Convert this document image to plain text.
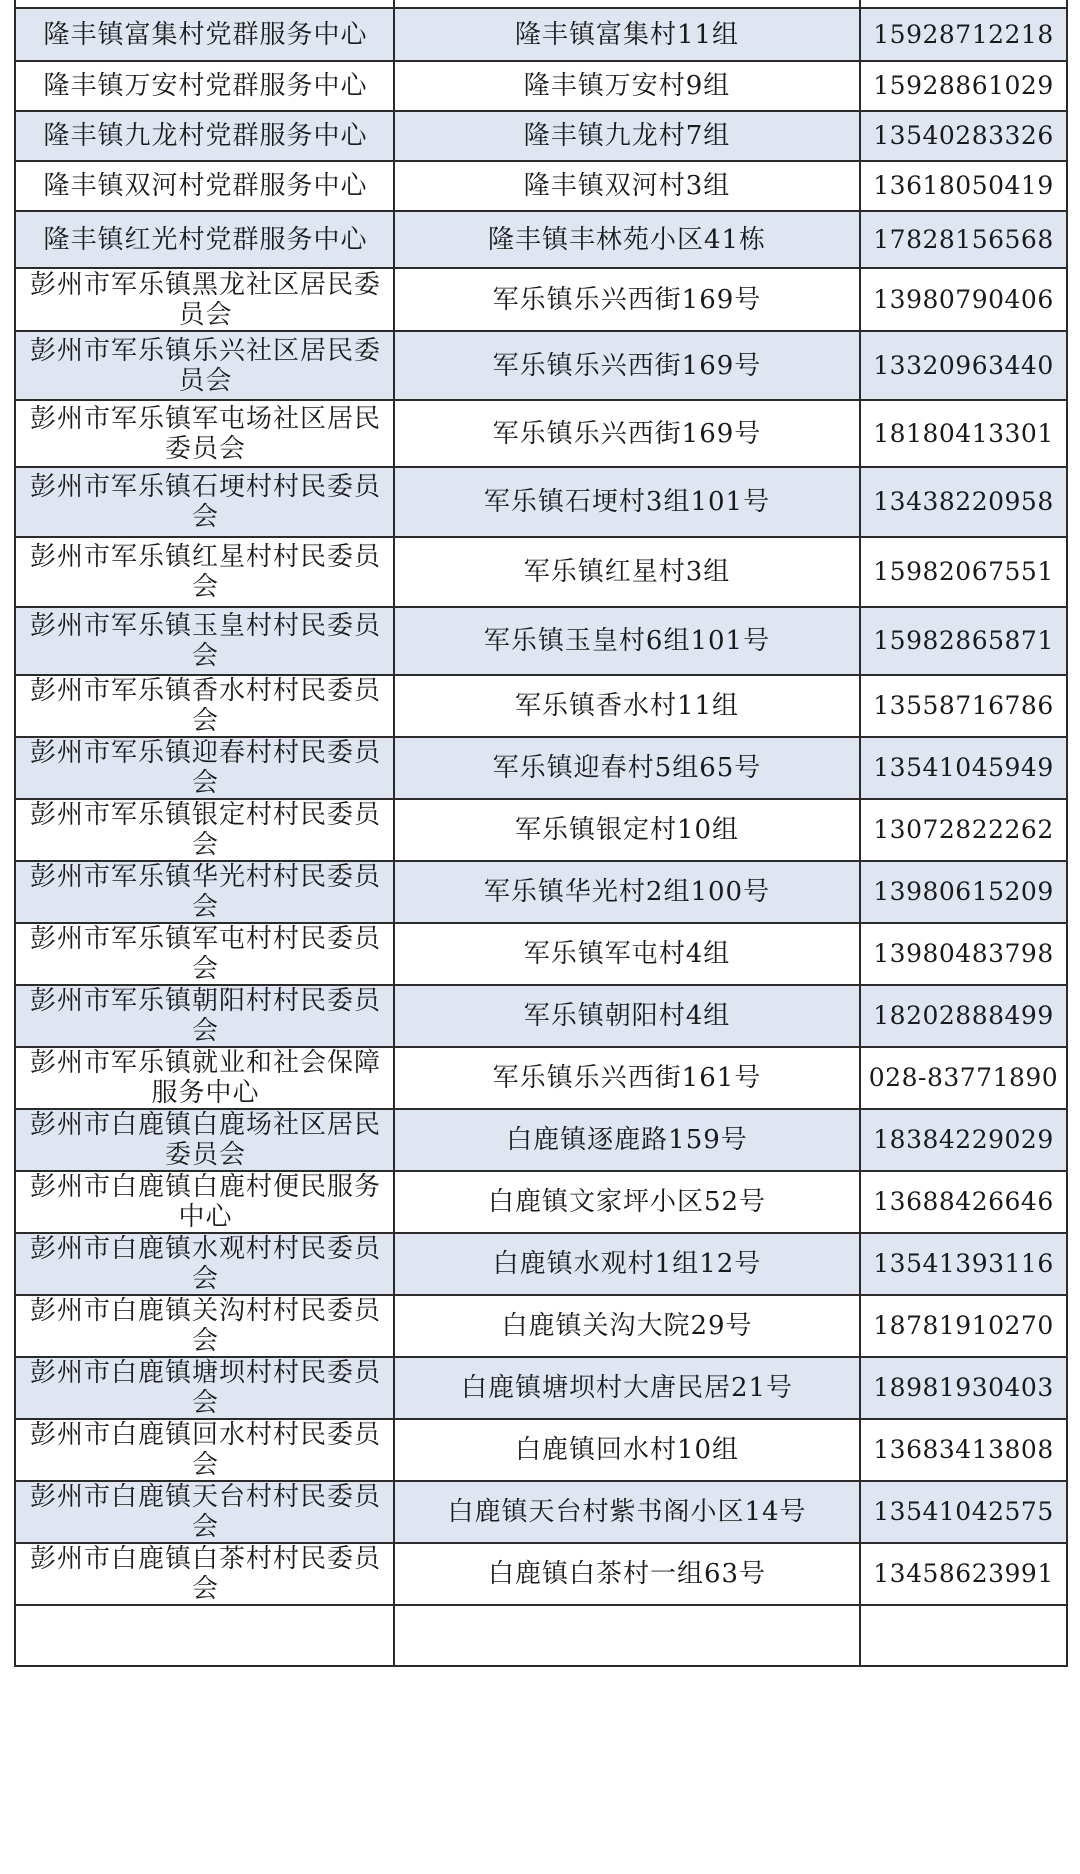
隆丰镇富集村党群服务中心	隆丰镇富集村11组	15928712218
隆丰镇万安村党群服务中心	隆丰镇万安村9组	15928861029
隆丰镇九龙村党群服务中心	隆丰镇九龙村7组	13540283326
隆丰镇双河村党群服务中心	隆丰镇双河村3组	13618050419
隆丰镇红光村党群服务中心	隆丰镇丰林苑小区41栋	17828156568
彭州市军乐镇黑龙社区居民委员会	军乐镇乐兴西街169号	13980790406
彭州市军乐镇乐兴社区居民委员会	军乐镇乐兴西街169号	13320963440
彭州市军乐镇军屯场社区居民委员会	军乐镇乐兴西街169号	18180413301
彭州市军乐镇石埂村村民委员会	军乐镇石埂村3组101号	13438220958
彭州市军乐镇红星村村民委员会	军乐镇红星村3组	15982067551
彭州市军乐镇玉皇村村民委员会	军乐镇玉皇村6组101号	15982865871
彭州市军乐镇香水村村民委员会	军乐镇香水村11组	13558716786
彭州市军乐镇迎春村村民委员会	军乐镇迎春村5组65号	13541045949
彭州市军乐镇银定村村民委员会	军乐镇银定村10组	13072822262
彭州市军乐镇华光村村民委员会	军乐镇华光村2组100号	13980615209
彭州市军乐镇军屯村村民委员会	军乐镇军屯村4组	13980483798
彭州市军乐镇朝阳村村民委员会	军乐镇朝阳村4组	18202888499
彭州市军乐镇就业和社会保障服务中心	军乐镇乐兴西街161号	028-83771890
彭州市白鹿镇白鹿场社区居民委员会	白鹿镇逐鹿路159号	18384229029
彭州市白鹿镇白鹿村便民服务中心	白鹿镇文家坪小区52号	13688426646
彭州市白鹿镇水观村村民委员会	白鹿镇水观村1组12号	13541393116
彭州市白鹿镇关沟村村民委员会	白鹿镇关沟大院29号	18781910270
彭州市白鹿镇塘坝村村民委员会	白鹿镇塘坝村大唐民居21号	18981930403
彭州市白鹿镇回水村村民委员会	白鹿镇回水村10组	13683413808
彭州市白鹿镇天台村村民委员会	白鹿镇天台村紫书阁小区14号	13541042575
彭州市白鹿镇白茶村村民委员会	白鹿镇白茶村一组63号	13458623991
